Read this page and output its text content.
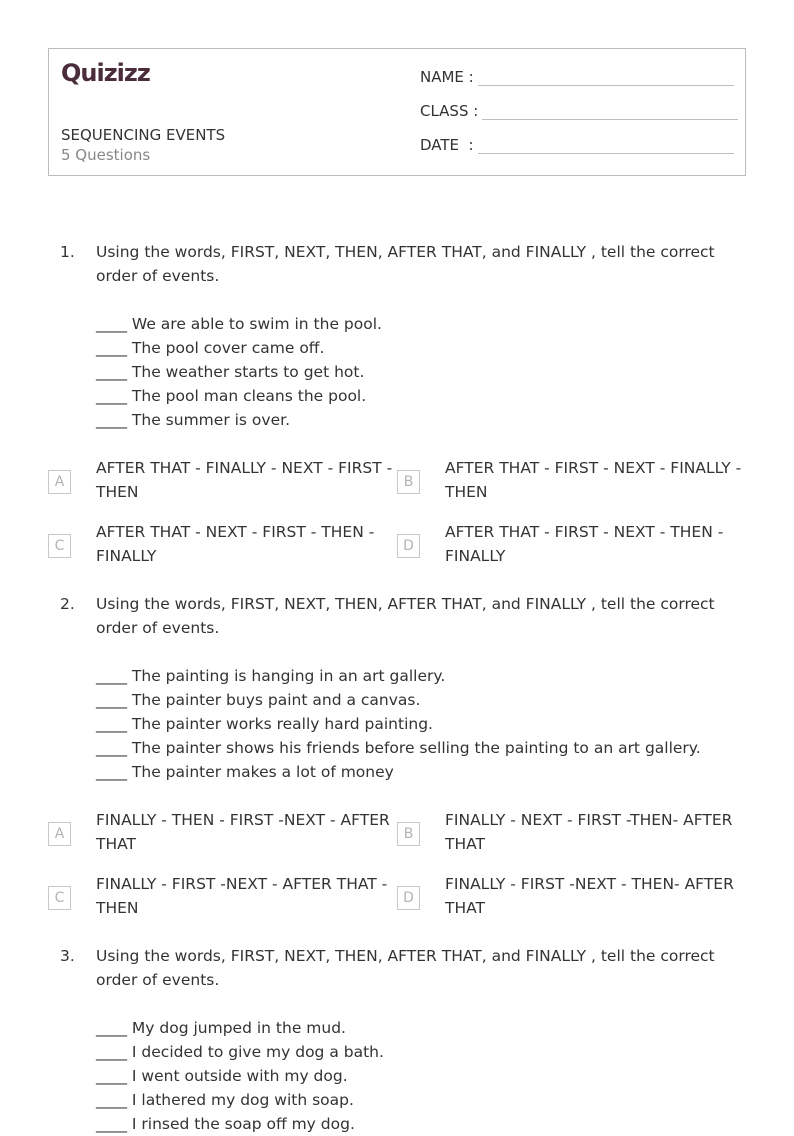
Quizizz
SEQUENCING EVENTS
5 Questions
NAME :
CLASS :
DATE  :
1. Using the words, FIRST, NEXT, THEN, AFTER THAT, and FINALLY , tell the correct order of events.
____ We are able to swim in the pool.
____ The pool cover came off.
____ The weather starts to get hot.
____ The pool man cleans the pool.
____ The summer is over.
A
AFTER THAT - FINALLY - NEXT - FIRST - THEN
B
AFTER THAT - FIRST - NEXT - FINALLY - THEN
C
AFTER THAT - NEXT - FIRST - THEN - FINALLY
D
AFTER THAT - FIRST - NEXT - THEN - FINALLY
2. Using the words, FIRST, NEXT, THEN, AFTER THAT, and FINALLY , tell the correct order of events.
____ The painting is hanging in an art gallery.
____ The painter buys paint and a canvas.
____ The painter works really hard painting.
____ The painter shows his friends before selling the painting to an art gallery.
____ The painter makes a lot of money
A
FINALLY - THEN - FIRST -NEXT - AFTER THAT
B
FINALLY - NEXT - FIRST -THEN- AFTER THAT
C
FINALLY - FIRST -NEXT - AFTER THAT - THEN
D
FINALLY - FIRST -NEXT - THEN- AFTER THAT
3. Using the words, FIRST, NEXT, THEN, AFTER THAT, and FINALLY , tell the correct order of events.
____ My dog jumped in the mud.
____ I decided to give my dog a bath.
____ I went outside with my dog.
____ I lathered my dog with soap.
____ I rinsed the soap off my dog.
